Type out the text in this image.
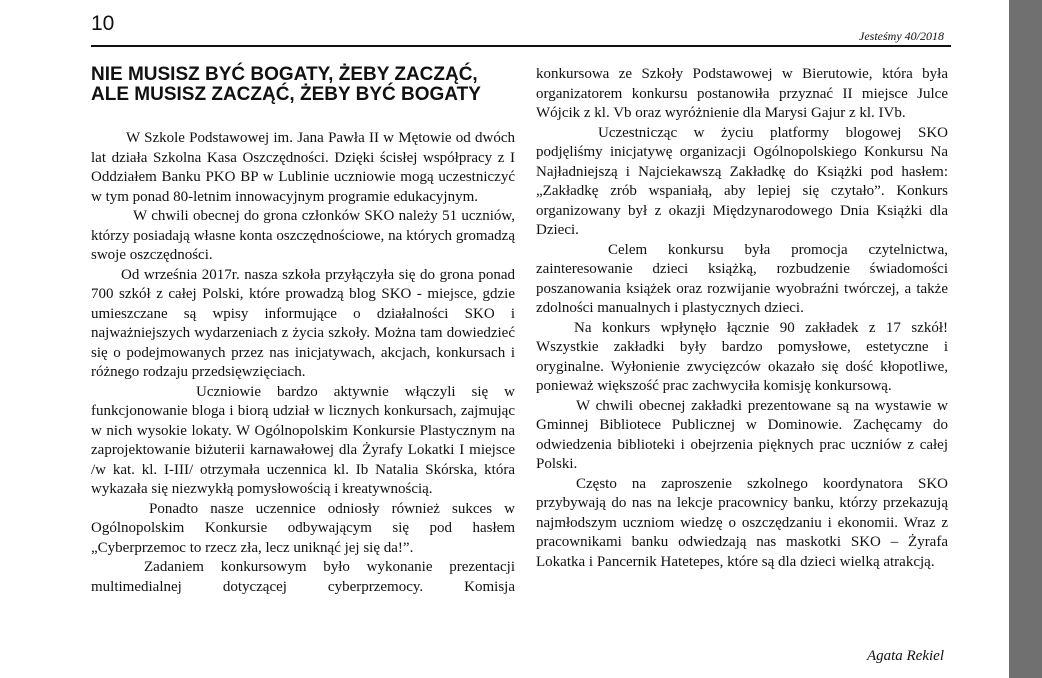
10
Jesteśmy 40/2018
NIE MUSISZ BYĆ BOGATY, ŻEBY ZACZĄĆ,
ALE MUSISZ ZACZĄĆ, ŻEBY BYĆ BOGATY

W Szkole Podstawowej im. Jana Pawła II w Mętowie od dwóch lat działa Szkolna Kasa Oszczędności. Dzięki ścisłej współpracy z I Oddziałem Banku PKO BP w Lublinie uczniowie mogą uczestniczyć w tym ponad 80-letnim innowacyjnym programie edukacyjnym.

W chwili obecnej do grona członków SKO należy 51 uczniów, którzy posiadają własne konta oszczędnościowe, na których gromadzą swoje oszczędności.

Od września 2017r. nasza szkoła przyłączyła się do grona ponad 700 szkół z całej Polski, które prowadzą blog SKO - miejsce, gdzie umieszczane są wpisy informujące o działalności SKO i najważniejszych wydarzeniach z życia szkoły. Można tam dowiedzieć się o podejmowanych przez nas inicjatywach, akcjach, konkursach i różnego rodzaju przedsięwzięciach.

Uczniowie bardzo aktywnie włączyli się w funkcjonowanie bloga i biorą udział w licznych konkursach, zajmując w nich wysokie lokaty. W Ogólnopolskim Konkursie Plastycznym na zaprojektowanie biżuterii karnawałowej dla Żyrafy Lokatki I miejsce /w kat. kl. I-III/ otrzymała uczennica kl. Ib Natalia Skórska, która wykazała się niezwykłą pomysłowością i kreatywnością.

Ponadto nasze uczennice odniosły również sukces w Ogólnopolskim Konkursie odbywającym się pod hasłem „Cyberprzemoc to rzecz zła, lecz uniknąć jej się da!”.

Zadaniem konkursowym było wykonanie prezentacji multimedialnej dotyczącej cyberprzemocy. Komisja

konkursowa ze Szkoły Podstawowej w Bierutowie, która była organizatorem konkursu postanowiła przyznać II miejsce Julce Wójcik z kl. Vb oraz wyróżnienie dla Marysi Gajur z kl. IVb.

Uczestnicząc w życiu platformy blogowej SKO podjęliśmy inicjatywę organizacji Ogólnopolskiego Konkursu Na Najładniejszą i Najciekawszą Zakładkę do Książki pod hasłem: „Zakładkę zrób wspaniałą, aby lepiej się czytało”. Konkurs organizowany był z okazji Międzynarodowego Dnia Książki dla Dzieci.

Celem konkursu była promocja czytelnictwa, zainteresowanie dzieci książką, rozbudzenie świadomości poszanowania książek oraz rozwijanie wyobraźni twórczej, a także zdolności manualnych i plastycznych dzieci.

Na konkurs wpłynęło łącznie 90 zakładek z 17 szkół! Wszystkie zakładki były bardzo pomysłowe, estetyczne i oryginalne. Wyłonienie zwycięzców okazało się dość kłopotliwe, ponieważ większość prac zachwyciła komisję konkursową.

W chwili obecnej zakładki prezentowane są na wystawie w Gminnej Bibliotece Publicznej w Dominowie. Zachęcamy do odwiedzenia biblioteki i obejrzenia pięknych prac uczniów z całej Polski.

Często na zaproszenie szkolnego koordynatora SKO przybywają do nas na lekcje pracownicy banku, którzy przekazują najmłodszym uczniom wiedzę o oszczędzaniu i ekonomii. Wraz z pracownikami banku odwiedzają nas maskotki SKO – Żyrafa Lokatka i Pancernik Hatetepes, które są dla dzieci wielką atrakcją.

Agata Rekiel
